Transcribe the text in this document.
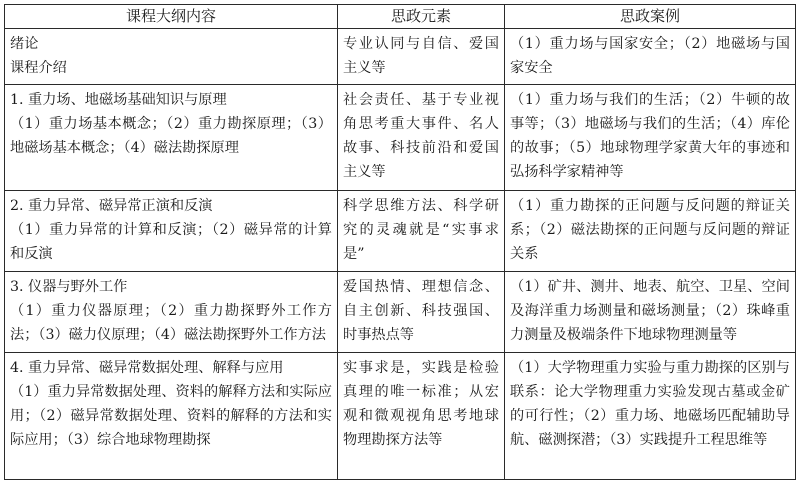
课程大纲内容	思政元素	思政案例

绪论
课程介绍	专业认同与自信、爱国主义等	（1）重力场与国家安全；（2）地磁场与国家安全

1. 重力场、地磁场基础知识与原理
（1）重力场基本概念；（2）重力勘探原理；（3）地磁场基本概念；（4）磁法勘探原理	社会责任、基于专业视角思考重大事件、名人故事、科技前沿和爱国主义等	（1）重力场与我们的生活；（2）牛顿的故事等；（3）地磁场与我们的生活；（4）库伦的故事；（5）地球物理学家黄大年的事迹和弘扬科学家精神等

2. 重力异常、磁异常正演和反演
（1）重力异常的计算和反演；（2）磁异常的计算和反演	科学思维方法、科学研究的灵魂就是“实事求是”	（1）重力勘探的正问题与反问题的辩证关系；（2）磁法勘探的正问题与反问题的辩证关系

3. 仪器与野外工作
（1）重力仪器原理；（2）重力勘探野外工作方法；（3）磁力仪原理；（4）磁法勘探野外工作方法	爱国热情、理想信念、自主创新、科技强国、时事热点等	（1）矿井、测井、地表、航空、卫星、空间及海洋重力场测量和磁场测量；（2）珠峰重力测量及极端条件下地球物理测量等

4. 重力异常、磁异常数据处理、解释与应用
（1）重力异常数据处理、资料的解释方法和实际应用；（2）磁异常数据处理、资料的解释的方法和实际应用；（3）综合地球物理勘探	实事求是，实践是检验真理的唯一标准；从宏观和微观视角思考地球物理勘探方法等	（1）大学物理重力实验与重力勘探的区别与联系：论大学物理重力实验发现古墓或金矿的可行性；（2）重力场、地磁场匹配辅助导航、磁测探潜；（3）实践提升工程思维等
